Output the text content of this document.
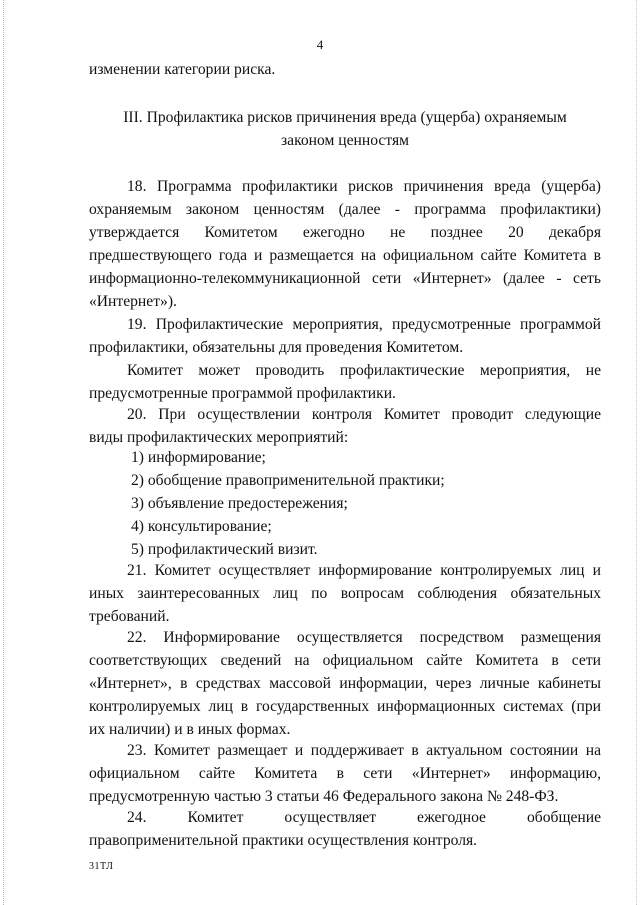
4
изменении категории риска.
III. Профилактика рисков причинения вреда (ущерба) охраняемым
законом ценностям
18. Программа профилактики рисков причинения вреда (ущерба)
охраняемым законом ценностям (далее - программа профилактики)
утверждается Комитетом ежегодно не позднее 20 декабря
предшествующего года и размещается на официальном сайте Комитета в
информационно-телекоммуникационной сети «Интернет» (далее - сеть
«Интернет»).
19. Профилактические мероприятия, предусмотренные программой
профилактики, обязательны для проведения Комитетом.
Комитет может проводить профилактические мероприятия, не
предусмотренные программой профилактики.
20. При осуществлении контроля Комитет проводит следующие
виды профилактических мероприятий:
1) информирование;
2) обобщение правоприменительной практики;
3) объявление предостережения;
4) консультирование;
5) профилактический визит.
21. Комитет осуществляет информирование контролируемых лиц и
иных заинтересованных лиц по вопросам соблюдения обязательных
требований.
22. Информирование осуществляется посредством размещения
соответствующих сведений на официальном сайте Комитета в сети
«Интернет», в средствах массовой информации, через личные кабинеты
контролируемых лиц в государственных информационных системах (при
их наличии) и в иных формах.
23. Комитет размещает и поддерживает в актуальном состоянии на
официальном сайте Комитета в сети «Интернет» информацию,
предусмотренную частью 3 статьи 46 Федерального закона № 248-ФЗ.
24. Комитет осуществляет ежегодное обобщение
правоприменительной практики осуществления контроля.
31ТЛ
